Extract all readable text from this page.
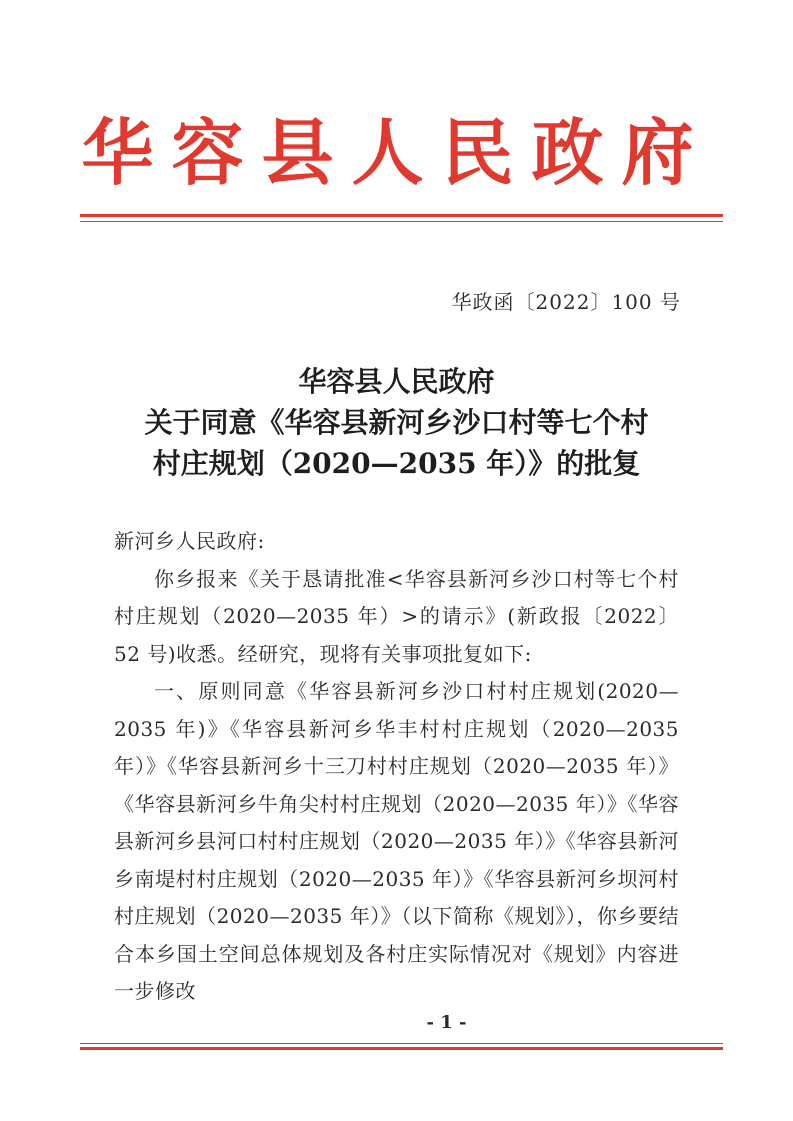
华容县人民政府
华政函〔2022〕100 号
华容县人民政府
关于同意《华容县新河乡沙口村等七个村
村庄规划（2020—2035 年）》的批复

新河乡人民政府:

你乡报来《关于恳请批准<华容县新河乡沙口村等七个村村庄规划（2020—2035 年）>的请示》(新政报〔2022〕52 号)收悉。经研究，现将有关事项批复如下:

一、原则同意《华容县新河乡沙口村村庄规划(2020—2035 年)》《华容县新河乡华丰村村庄规划（2020—2035 年）》《华容县新河乡十三刀村村庄规划（2020—2035 年）》《华容县新河乡牛角尖村村庄规划（2020—2035 年）》《华容县新河乡县河口村村庄规划（2020—2035 年）》《华容县新河乡南堤村村庄规划（2020—2035 年）》《华容县新河乡坝河村村庄规划（2020—2035 年）》（以下简称《规划》），你乡要结合本乡国土空间总体规划及各村庄实际情况对《规划》内容进一步修改

- 1 -
